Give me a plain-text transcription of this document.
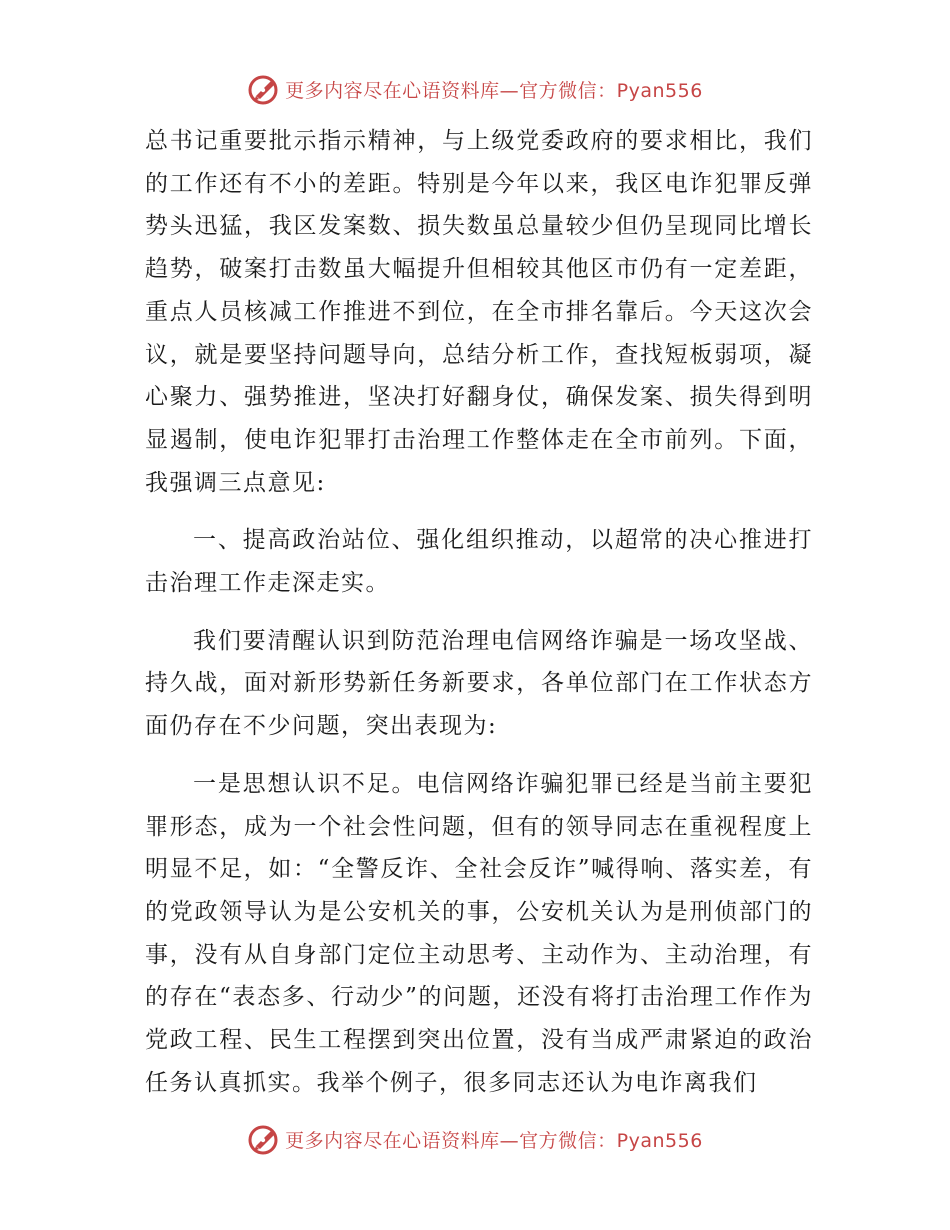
更多内容尽在心语资料库—官方微信：Pyan556

总书记重要批示指示精神，与上级党委政府的要求相比，我们的工作还有不小的差距。特别是今年以来，我区电诈犯罪反弹势头迅猛，我区发案数、损失数虽总量较少但仍呈现同比增长趋势，破案打击数虽大幅提升但相较其他区市仍有一定差距，重点人员核减工作推进不到位，在全市排名靠后。今天这次会议，就是要坚持问题导向，总结分析工作，查找短板弱项，凝心聚力、强势推进，坚决打好翻身仗，确保发案、损失得到明显遏制，使电诈犯罪打击治理工作整体走在全市前列。下面，我强调三点意见:

一、提高政治站位、强化组织推动，以超常的决心推进打击治理工作走深走实。

我们要清醒认识到防范治理电信网络诈骗是一场攻坚战、持久战，面对新形势新任务新要求，各单位部门在工作状态方面仍存在不少问题，突出表现为:

一是思想认识不足。电信网络诈骗犯罪已经是当前主要犯罪形态，成为一个社会性问题，但有的领导同志在重视程度上明显不足，如：“全警反诈、全社会反诈”喊得响、落实差，有的党政领导认为是公安机关的事，公安机关认为是刑侦部门的事，没有从自身部门定位主动思考、主动作为、主动治理，有的存在“表态多、行动少”的问题，还没有将打击治理工作作为党政工程、民生工程摆到突出位置，没有当成严肃紧迫的政治任务认真抓实。我举个例子，很多同志还认为电诈离我们

更多内容尽在心语资料库—官方微信：Pyan556
